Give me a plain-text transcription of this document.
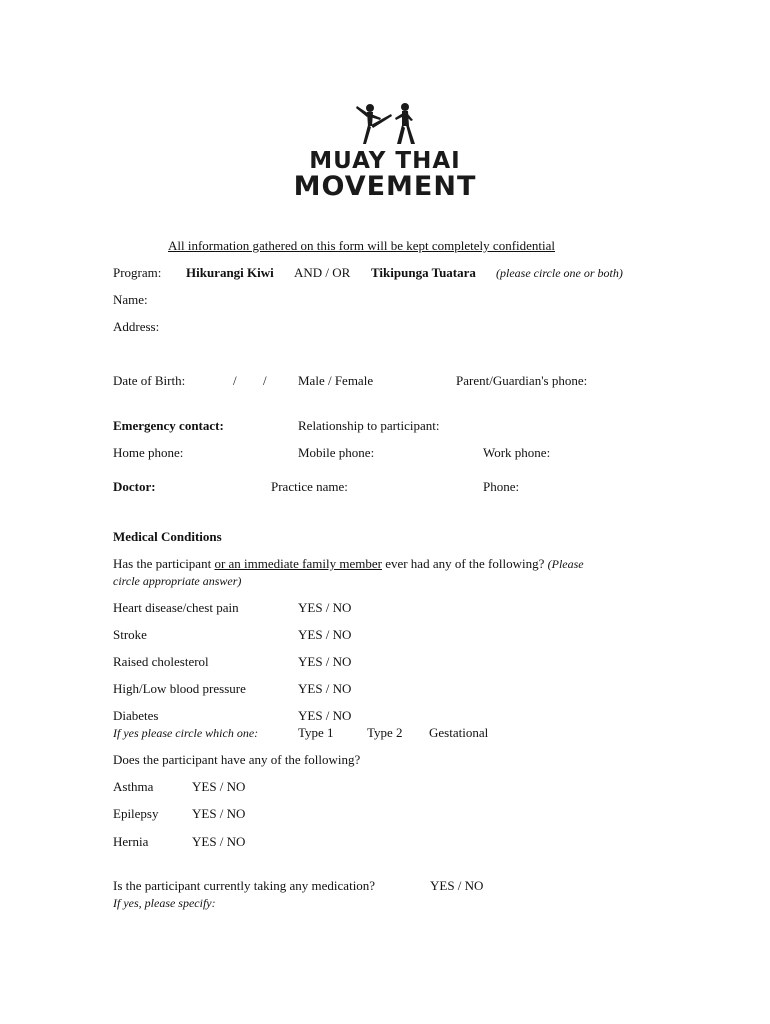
MUAY THAI
MOVEMENT
All information gathered on this form will be kept completely confidential
Program: Hikurangi Kiwi AND / OR Tikipunga Tuatara (please circle one or both)
Name:
Address:
Date of Birth:	/ / Male / Female	Parent/Guardian's phone:
Emergency contact:	Relationship to participant:
Home phone:	Mobile phone:	Work phone:
Doctor:	Practice name:	Phone:
Medical Conditions
Has the participant or an immediate family member ever had any of the following? (Please
circle appropriate answer)
Heart disease/chest pain	YES / NO
Stroke	YES / NO
Raised cholesterol	YES / NO
High/Low blood pressure	YES / NO
Diabetes	YES / NO
If yes please circle which one:	Type 1	Type 2 Gestational
Does the participant have any of the following?
Asthma	YES / NO
Epilepsy	YES / NO
Hernia	YES / NO
Is the participant currently taking any medication?	YES / NO
If yes, please specify:
